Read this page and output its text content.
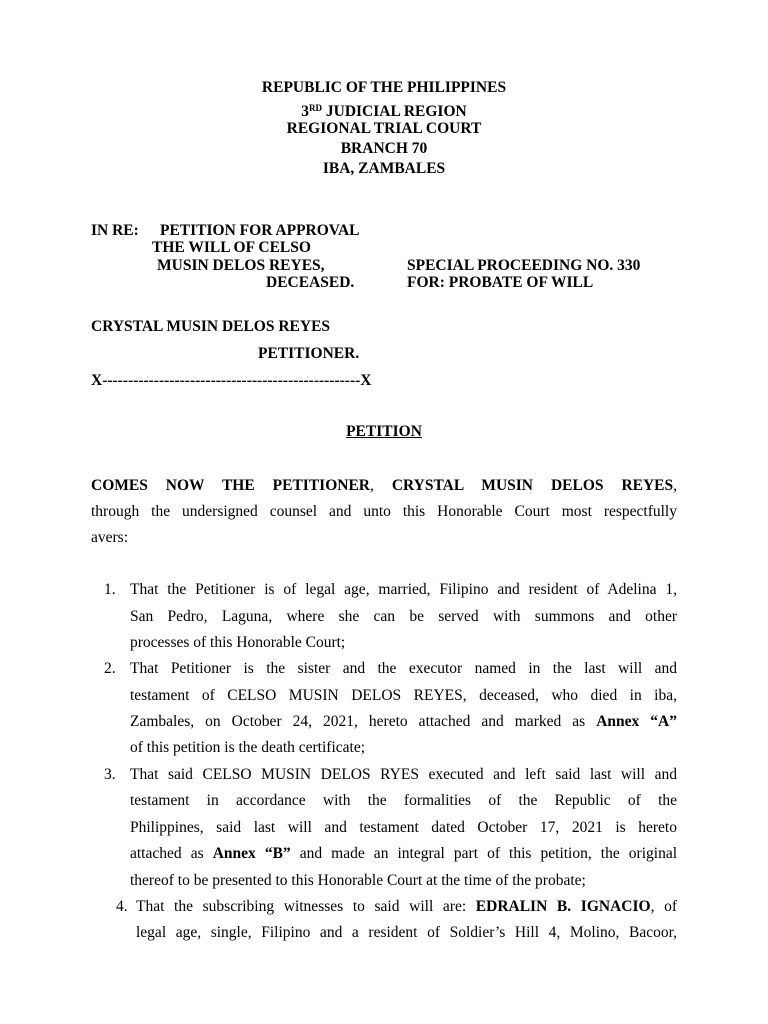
REPUBLIC OF THE PHILIPPINES
3RD JUDICIAL REGION
REGIONAL TRIAL COURT
BRANCH 70
IBA, ZAMBALES
IN RE: PETITION FOR APPROVAL
THE WILL OF CELSO
MUSIN DELOS REYES,
DECEASED.
SPECIAL PROCEEDING NO. 330
FOR: PROBATE OF WILL
CRYSTAL MUSIN DELOS REYES
PETITIONER.
X--------------------------------------------------X
PETITION
COMES NOW THE PETITIONER, CRYSTAL MUSIN DELOS REYES,
through the undersigned counsel and unto this Honorable Court most respectfully
avers:
1. That the Petitioner is of legal age, married, Filipino and resident of Adelina 1,
San Pedro, Laguna, where she can be served with summons and other
processes of this Honorable Court;
2. That Petitioner is the sister and the executor named in the last will and
testament of CELSO MUSIN DELOS REYES, deceased, who died in iba,
Zambales, on October 24, 2021, hereto attached and marked as Annex “A”
of this petition is the death certificate;
3. That said CELSO MUSIN DELOS RYES executed and left said last will and
testament in accordance with the formalities of the Republic of the
Philippines, said last will and testament dated October 17, 2021 is hereto
attached as Annex “B” and made an integral part of this petition, the original
thereof to be presented to this Honorable Court at the time of the probate;
4. That the subscribing witnesses to said will are: EDRALIN B. IGNACIO, of
legal age, single, Filipino and a resident of Soldier’s Hill 4, Molino, Bacoor,
